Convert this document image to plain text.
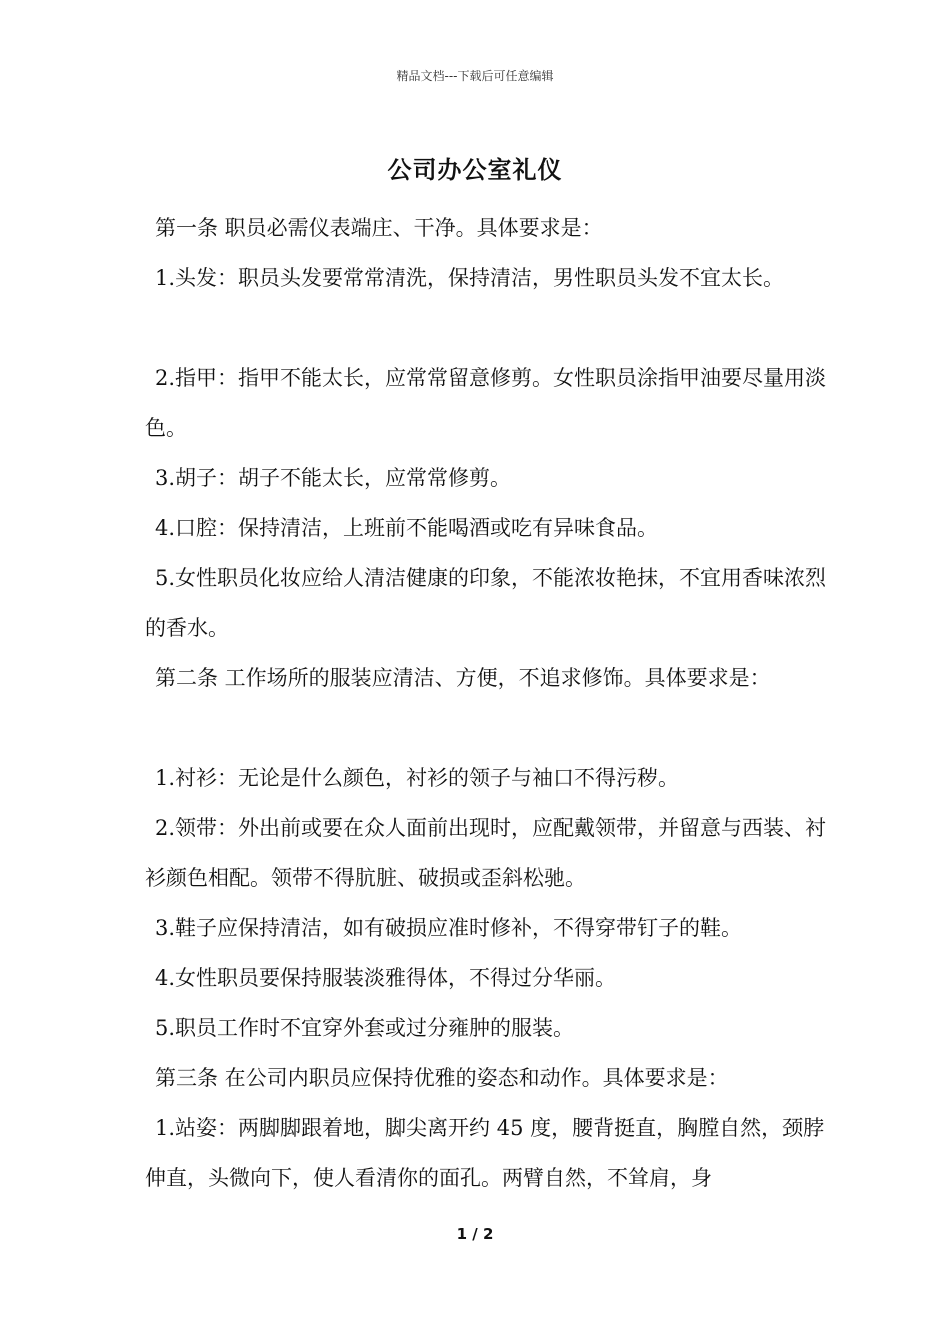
精品文档---下载后可任意编辑
公司办公室礼仪

第一条 职员必需仪表端庄、干净。具体要求是：

1.头发：职员头发要常常清洗，保持清洁，男性职员头发不宜太长。

2.指甲：指甲不能太长，应常常留意修剪。女性职员涂指甲油要尽量用淡色。

3.胡子：胡子不能太长，应常常修剪。

4.口腔：保持清洁，上班前不能喝酒或吃有异味食品。

5.女性职员化妆应给人清洁健康的印象，不能浓妆艳抹，不宜用香味浓烈的香水。

第二条 工作场所的服装应清洁、方便，不追求修饰。具体要求是：

1.衬衫：无论是什么颜色，衬衫的领子与袖口不得污秽。

2.领带：外出前或要在众人面前出现时，应配戴领带，并留意与西装、衬衫颜色相配。领带不得肮脏、破损或歪斜松驰。

3.鞋子应保持清洁，如有破损应准时修补，不得穿带钉子的鞋。

4.女性职员要保持服装淡雅得体，不得过分华丽。

5.职员工作时不宜穿外套或过分雍肿的服装。

第三条 在公司内职员应保持优雅的姿态和动作。具体要求是：

1.站姿：两脚脚跟着地，脚尖离开约 45 度，腰背挺直，胸膛自然，颈脖伸直，头微向下，使人看清你的面孔。两臂自然，不耸肩，身

1 / 2
